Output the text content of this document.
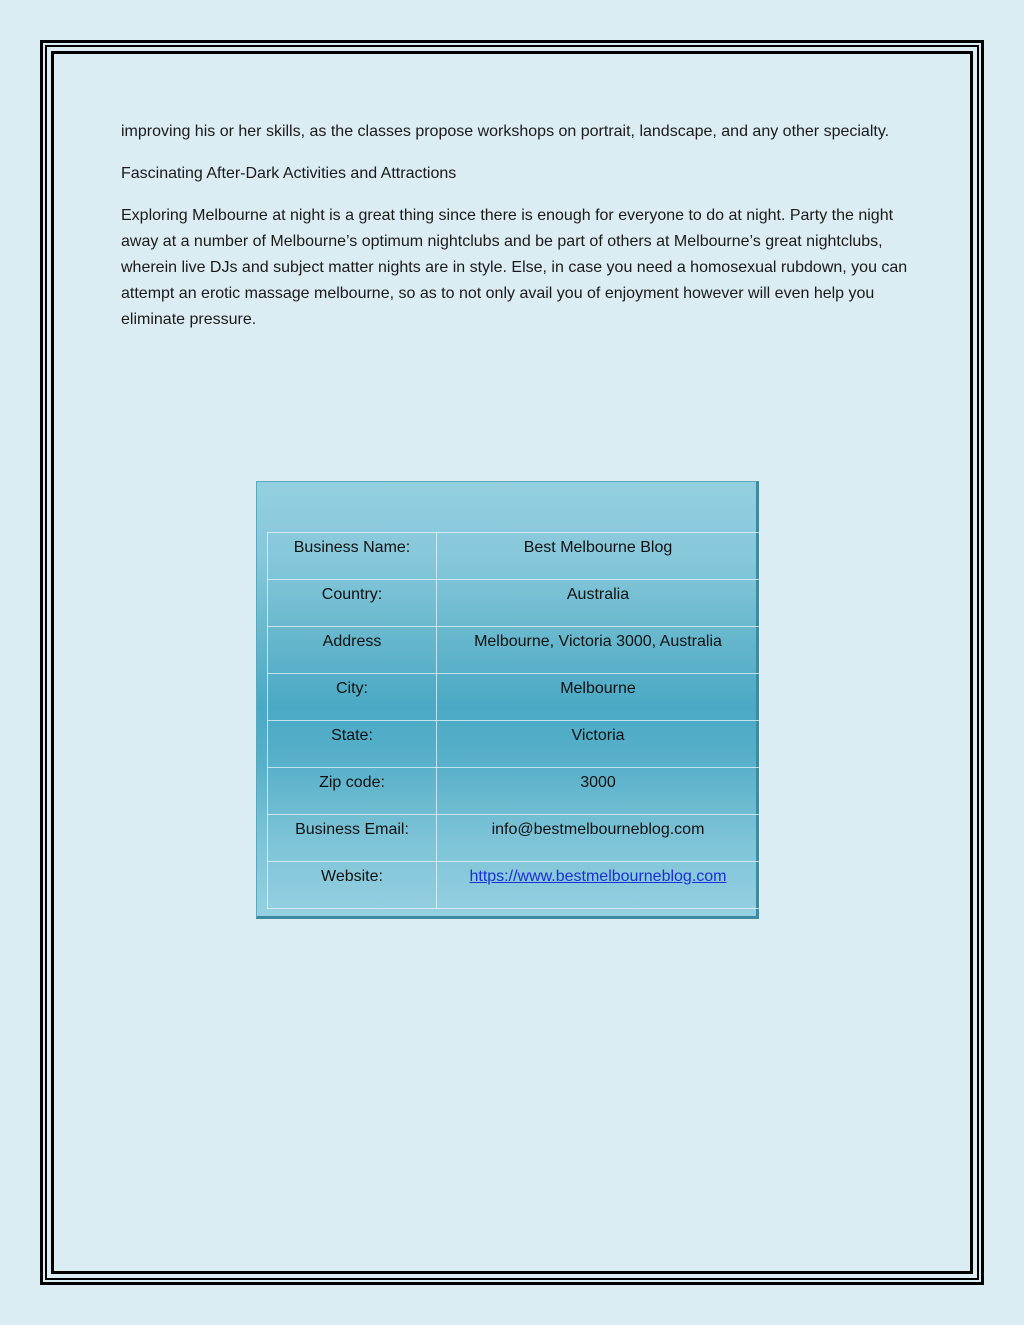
improving his or her skills, as the classes propose workshops on portrait, landscape, and any other specialty.

Fascinating After-Dark Activities and Attractions

Exploring Melbourne at night is a great thing since there is enough for everyone to do at night. Party the night away at a number of Melbourne’s optimum nightclubs and be part of others at Melbourne’s great nightclubs, wherein live DJs and subject matter nights are in style. Else, in case you need a homosexual rubdown, you can attempt an erotic massage melbourne, so as to not only avail you of enjoyment however will even help you eliminate pressure.

Business Name:	Best Melbourne Blog
Country:	Australia
Address	Melbourne, Victoria 3000, Australia
City:	Melbourne
State:	Victoria
Zip code:	3000
Business Email:	info@bestmelbourneblog.com
Website:	https://www.bestmelbourneblog.com
